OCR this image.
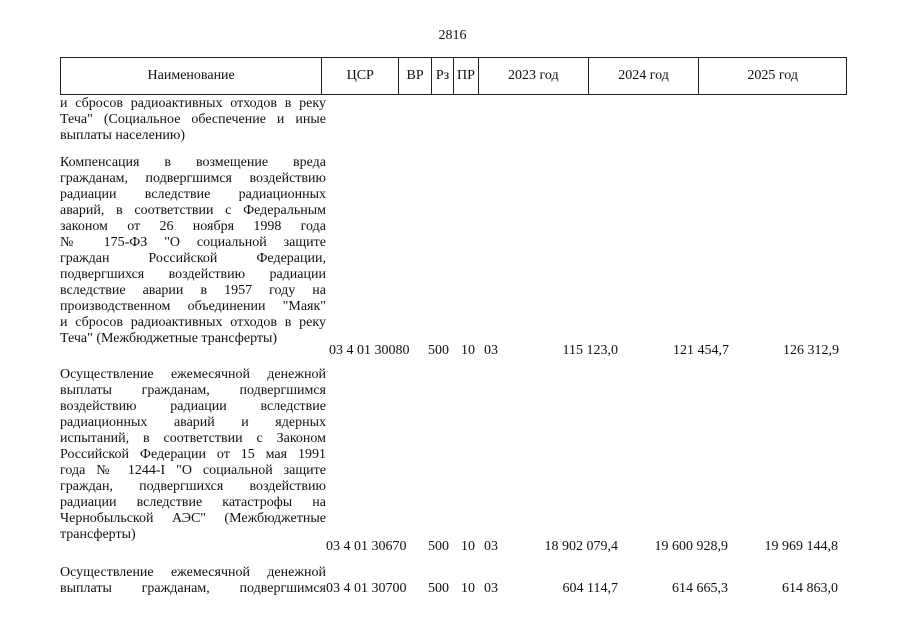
2816
Наименование	ЦСР	ВР Рз ПР	2023 год	2024 год	2025 год
и сбросов радиоактивных отходов в реку
Теча" (Социальное обеспечение и иные
выплаты населению)
Компенсация в возмещение вреда
гражданам, подвергшимся воздействию
радиации вследствие радиационных
аварий, в соответствии с Федеральным
законом от 26 ноября 1998 года
№ 175-ФЗ "О социальной защите
граждан Российской Федерации,
подвергшихся воздействию радиации
вследствие аварии в 1957 году на
производственном объединении "Маяк"
и сбросов радиоактивных отходов в реку
Теча" (Межбюджетные трансферты)
03 4 01 30080 500 10 03	115 123,0	121 454,7	126 312,9
Осуществление ежемесячной денежной
выплаты гражданам, подвергшимся
воздействию радиации вследствие
радиационных аварий и ядерных
испытаний, в соответствии с Законом
Российской Федерации от 15 мая 1991
года № 1244-I "О социальной защите
граждан, подвергшихся воздействию
радиации вследствие катастрофы на
Чернобыльской АЭС" (Межбюджетные
трансферты)
03 4 01 30670 500 10 03	18 902 079,4	19 600 928,9	19 969 144,8
Осуществление ежемесячной денежной
выплаты гражданам, подвергшимся 03 4 01 30700 500 10 03	604 114,7	614 665,3	614 863,0
